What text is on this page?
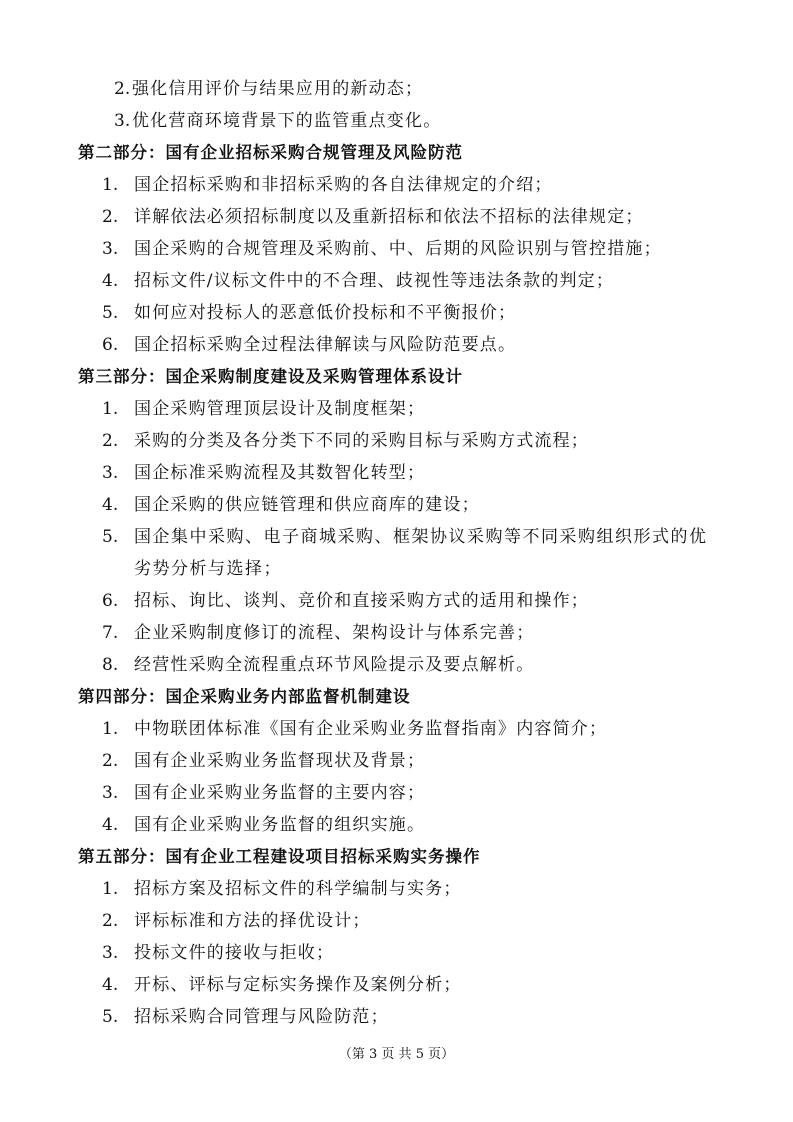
2. 强化信用评价与结果应用的新动态；
3. 优化营商环境背景下的监管重点变化。
第二部分：国有企业招标采购合规管理及风险防范
1. 国企招标采购和非招标采购的各自法律规定的介绍；
2. 详解依法必须招标制度以及重新招标和依法不招标的法律规定；
3. 国企采购的合规管理及采购前、中、后期的风险识别与管控措施；
4. 招标文件/议标文件中的不合理、歧视性等违法条款的判定；
5. 如何应对投标人的恶意低价投标和不平衡报价；
6. 国企招标采购全过程法律解读与风险防范要点。
第三部分：国企采购制度建设及采购管理体系设计
1. 国企采购管理顶层设计及制度框架；
2. 采购的分类及各分类下不同的采购目标与采购方式流程；
3. 国企标准采购流程及其数智化转型；
4. 国企采购的供应链管理和供应商库的建设；
5. 国企集中采购、电子商城采购、框架协议采购等不同采购组织形式的优劣势分析与选择；
6. 招标、询比、谈判、竞价和直接采购方式的适用和操作；
7. 企业采购制度修订的流程、架构设计与体系完善；
8. 经营性采购全流程重点环节风险提示及要点解析。
第四部分：国企采购业务内部监督机制建设
1. 中物联团体标准《国有企业采购业务监督指南》内容简介；
2. 国有企业采购业务监督现状及背景；
3. 国有企业采购业务监督的主要内容；
4. 国有企业采购业务监督的组织实施。
第五部分：国有企业工程建设项目招标采购实务操作
1. 招标方案及招标文件的科学编制与实务；
2. 评标标准和方法的择优设计；
3. 投标文件的接收与拒收；
4. 开标、评标与定标实务操作及案例分析；
5. 招标采购合同管理与风险防范；
（第 3 页 共 5 页）
